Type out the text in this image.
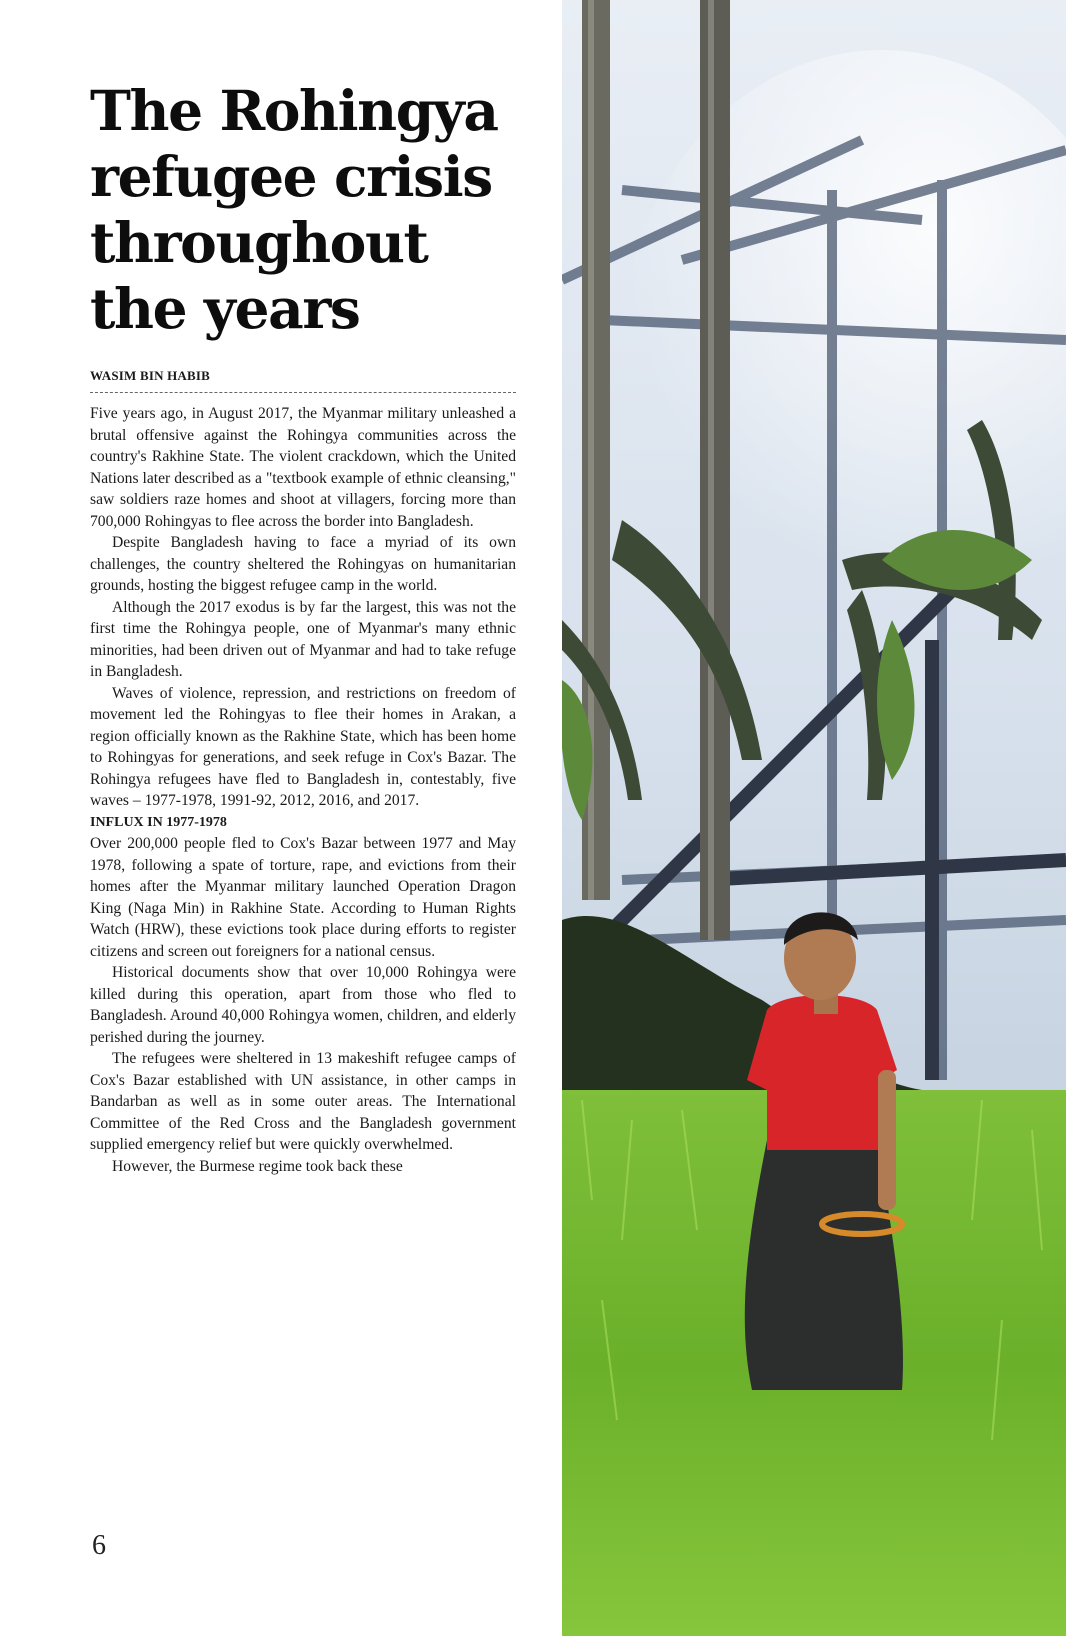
The Rohingya
refugee crisis
throughout
the years
WASIM BIN HABIB

Five years ago, in August 2017, the Myanmar military unleashed a brutal offensive against the Rohingya communities across the country's Rakhine State. The violent crackdown, which the United Nations later described as a "textbook example of ethnic cleansing," saw soldiers raze homes and shoot at villagers, forcing more than 700,000 Rohingyas to flee across the border into Bangladesh.

Despite Bangladesh having to face a myriad of its own challenges, the country sheltered the Rohingyas on humanitarian grounds, hosting the biggest refugee camp in the world.

Although the 2017 exodus is by far the largest, this was not the first time the Rohingya people, one of Myanmar's many ethnic minorities, had been driven out of Myanmar and had to take refuge in Bangladesh.

Waves of violence, repression, and restrictions on freedom of movement led the Rohingyas to flee their homes in Arakan, a region officially known as the Rakhine State, which has been home to Rohingyas for generations, and seek refuge in Cox's Bazar. The Rohingya refugees have fled to Bangladesh in, contestably, five waves – 1977-1978, 1991-92, 2012, 2016, and 2017.

INFLUX IN 1977-1978

Over 200,000 people fled to Cox's Bazar between 1977 and May 1978, following a spate of torture, rape, and evictions from their homes after the Myanmar military launched Operation Dragon King (Naga Min) in Rakhine State. According to Human Rights Watch (HRW), these evictions took place during efforts to register citizens and screen out foreigners for a national census.

Historical documents show that over 10,000 Rohingya were killed during this operation, apart from those who fled to Bangladesh. Around 40,000 Rohingya women, children, and elderly perished during the journey.

The refugees were sheltered in 13 makeshift refugee camps of Cox's Bazar established with UN assistance, in other camps in Bandarban as well as in some outer areas. The International Committee of the Red Cross and the Bangladesh government supplied emergency relief but were quickly overwhelmed.

However, the Burmese regime took back these

6
